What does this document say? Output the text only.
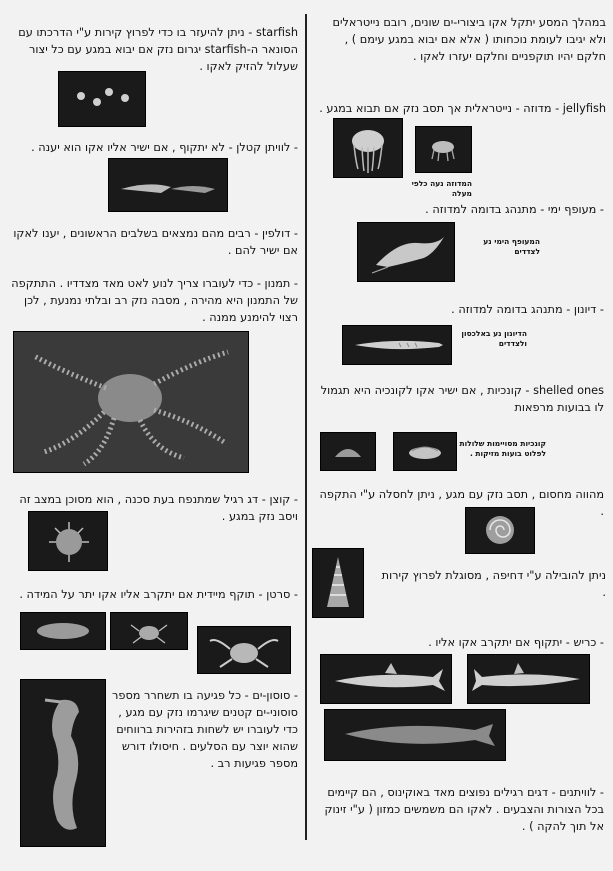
במהלך המסע יתקל אקו ביצורי-ים שונים, רובם נייטראלים ולא יגיבו לעומת נוכחותו ( אלא אם יבוא במגע עימם ) , חלקם יהיו תוקפניים וחלקם יעזרו לאקו .
jellyfish - מדוזה - נייטראלית אך תסב נזק אם תבוא במגע .
המדוזה נעה כלפי מעלה
- מעופף ימי - מתנהג בדומה למדוזה .
המעופף הימי נע לצדדים
- דיונון - מתנהג בדומה למדוזה .
הדיונון נע באלכסון ולצדדים
shelled ones - קונכיות , אם ישיר אקו לקונכיה היא תגמול לו בבועות מרפאות
קונכיות מסויימות שלולות לפלוט בועות מזיקות .
מהווה מחסום , תסב נזק עם מגע , ניתן לחסלה ע"י התקפה .
ניתן להובילה ע"י דחיפה , מסוגלת לפרוץ קירות .
- כריש - יתקוף אם יתקרב אקו אליו .
- לוויתנים - דגים רגילים נפוצים מאד באוקינוס , הם קיימים בכל הצורות והצבעים . לאקו הם משמשים כמזון ( ע"י זינוק אל תוך להקה ) .
starfish - ניתן להיעזר בו כדי לפרוץ קירות ע"י הדרכתו עם הסונאר ה-starfish יגרום נזק אם יבוא במגע עם כל יצור שעלול להזיק לאקו .
- לוויתן קטלן - לא יתקוף , אם ישיר אליו אקו הוא יענה .
- דולפין - רבים מהם נמצאים בשלבים הראשונים , יענו לאקו אם ישיר להם .
- תמנון - כדי לעוברו צריך לנוע לאט מאד מצדדיו . התתקפה של התמנון היא מהירה , מסבה נזק רב ובלתי נמנעת , לכן רצוי להימנע ממנה .
- קוצן - דג רגיל שמתנפח בעת סכנה , הוא מסוכן במצב זה ויסב נזק במגע .
- סרטן - תוקף מיידית אם יתקרב אליו אקו יתר על המידה .
- סוסון-ים - כל פגיעה בו תשחרר מספר סוסוני-ים קטנים שיגרמו נזק עם מגע , כדי לעוברו יש לשחות בזהירות ברווחים שהוא יוצר עם הסלעים . חיסולו דורש מספר פגיעות רב .
